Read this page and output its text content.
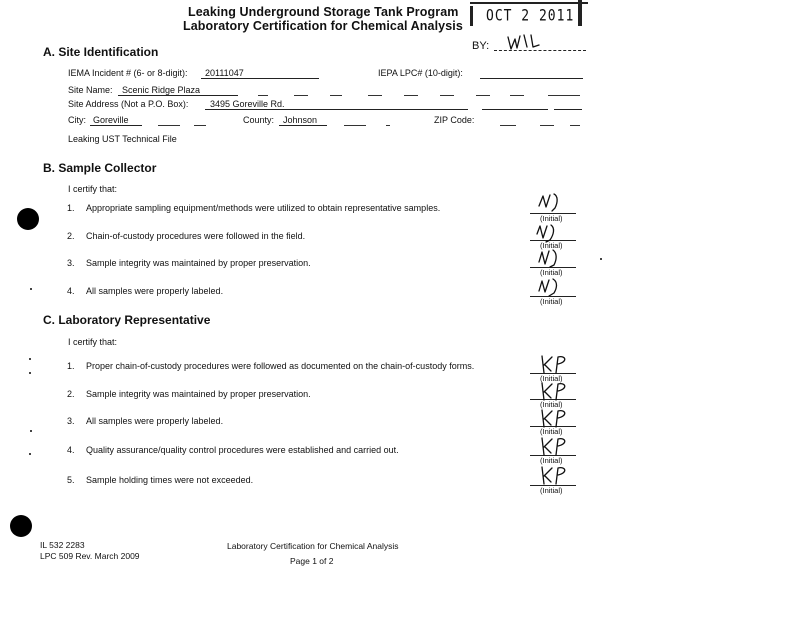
OCT 2 2011
Leaking Underground Storage Tank Program
Laboratory Certification for Chemical Analysis
BY:
A. Site Identification
IEMA Incident # (6- or 8-digit): 20111047	IEPA LPC# (10-digit):
Site Name: Scenic Ridge Plaza
Site Address (Not a P.O. Box): 3495 Goreville Rd.
City: Goreville	County: Johnson	ZIP Code:
Leaking UST Technical File
B. Sample Collector
I certify that:
1. Appropriate sampling equipment/methods were utilized to obtain representative samples.
(Initial)
2. Chain-of-custody procedures were followed in the field.
(Initial)
3. Sample integrity was maintained by proper preservation.
(Initial)
4. All samples were properly labeled.
(Initial)
C. Laboratory Representative
I certify that:
1. Proper chain-of-custody procedures were followed as documented on the chain-of-custody forms.
(Initial)
2. Sample integrity was maintained by proper preservation.
(Initial)
3. All samples were properly labeled.
(Initial)
4. Quality assurance/quality control procedures were established and carried out.
(Initial)
5. Sample holding times were not exceeded.
(Initial)
IL 532 2283
LPC 509 Rev. March 2009
Laboratory Certification for Chemical Analysis
Page 1 of 2
